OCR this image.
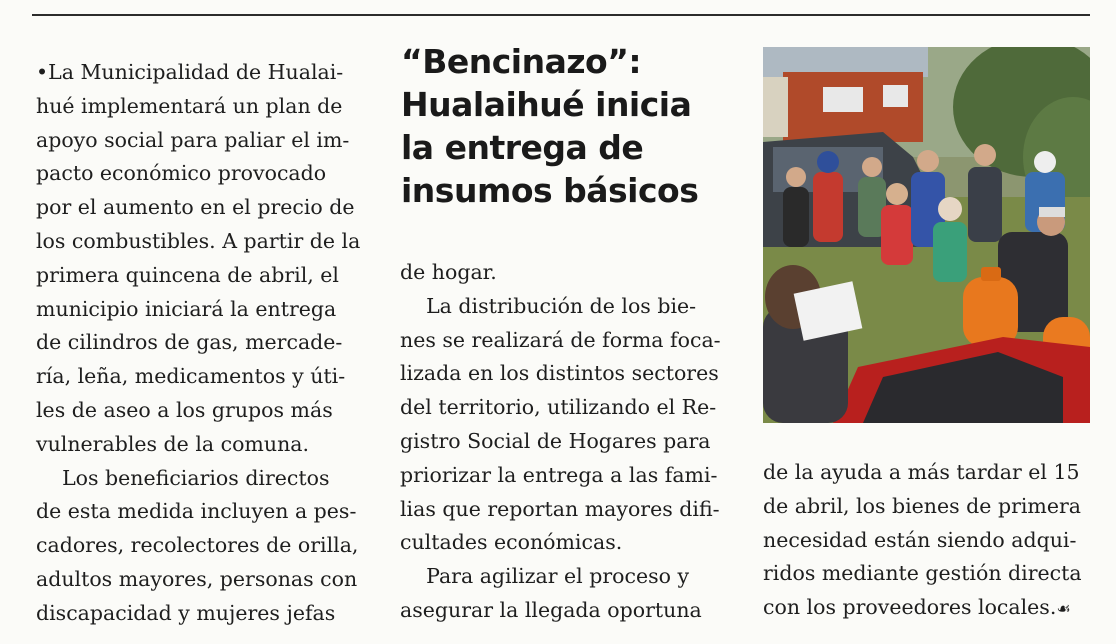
•La Municipalidad de Hualai-
hué implementará un plan de
apoyo social para paliar el im-
pacto económico provocado
por el aumento en el precio de
los combustibles. A partir de la
primera quincena de abril, el
municipio iniciará la entrega
de cilindros de gas, mercade-
ría, leña, medicamentos y úti-
les de aseo a los grupos más
vulnerables de la comuna.
Los beneficiarios directos
de esta medida incluyen a pes-
cadores, recolectores de orilla,
adultos mayores, personas con
discapacidad y mujeres jefas
“Bencinazo”:
Hualaihué inicia
la entrega de
insumos básicos
de hogar.
La distribución de los bie-
nes se realizará de forma foca-
lizada en los distintos sectores
del territorio, utilizando el Re-
gistro Social de Hogares para
priorizar la entrega a las fami-
lias que reportan mayores difi-
cultades económicas.
Para agilizar el proceso y
asegurar la llegada oportuna
de la ayuda a más tardar el 15
de abril, los bienes de primera
necesidad están siendo adqui-
ridos mediante gestión directa
con los proveedores locales.☙
